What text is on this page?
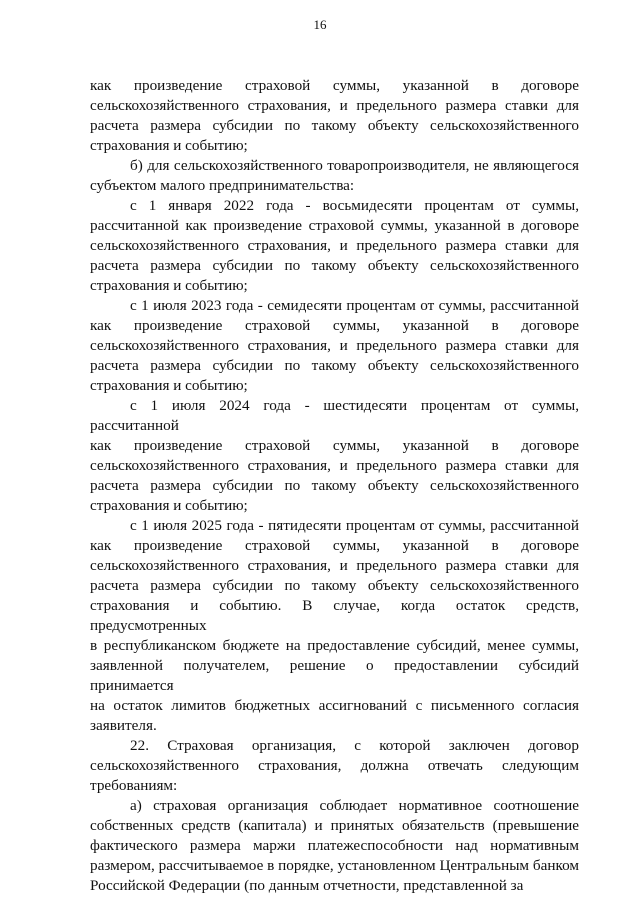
16
как произведение страховой суммы, указанной в договоре
сельскохозяйственного страхования, и предельного размера ставки для
расчета размера субсидии по такому объекту сельскохозяйственного
страхования и событию;
б) для сельскохозяйственного товаропроизводителя, не являющегося
субъектом малого предпринимательства:
с 1 января 2022 года - восьмидесяти процентам от суммы,
рассчитанной как произведение страховой суммы, указанной в договоре
сельскохозяйственного страхования, и предельного размера ставки для
расчета размера субсидии по такому объекту сельскохозяйственного
страхования и событию;
с 1 июля 2023 года - семидесяти процентам от суммы, рассчитанной
как произведение страховой суммы, указанной в договоре
сельскохозяйственного страхования, и предельного размера ставки для
расчета размера субсидии по такому объекту сельскохозяйственного
страхования и событию;
с 1 июля 2024 года - шестидесяти процентам от суммы, рассчитанной
как произведение страховой суммы, указанной в договоре
сельскохозяйственного страхования, и предельного размера ставки для
расчета размера субсидии по такому объекту сельскохозяйственного
страхования и событию;
с 1 июля 2025 года - пятидесяти процентам от суммы, рассчитанной
как произведение страховой суммы, указанной в договоре
сельскохозяйственного страхования, и предельного размера ставки для
расчета размера субсидии по такому объекту сельскохозяйственного
страхования и событию. В случае, когда остаток средств, предусмотренных
в республиканском бюджете на предоставление субсидий, менее суммы,
заявленной получателем, решение о предоставлении субсидий принимается
на остаток лимитов бюджетных ассигнований с письменного согласия
заявителя.
22. Страховая организация, с которой заключен договор
сельскохозяйственного страхования, должна отвечать следующим
требованиям:
а) страховая организация соблюдает нормативное соотношение
собственных средств (капитала) и принятых обязательств (превышение
фактического размера маржи платежеспособности над нормативным
размером, рассчитываемое в порядке, установленном Центральным банком
Российской Федерации (по данным отчетности, представленной за
